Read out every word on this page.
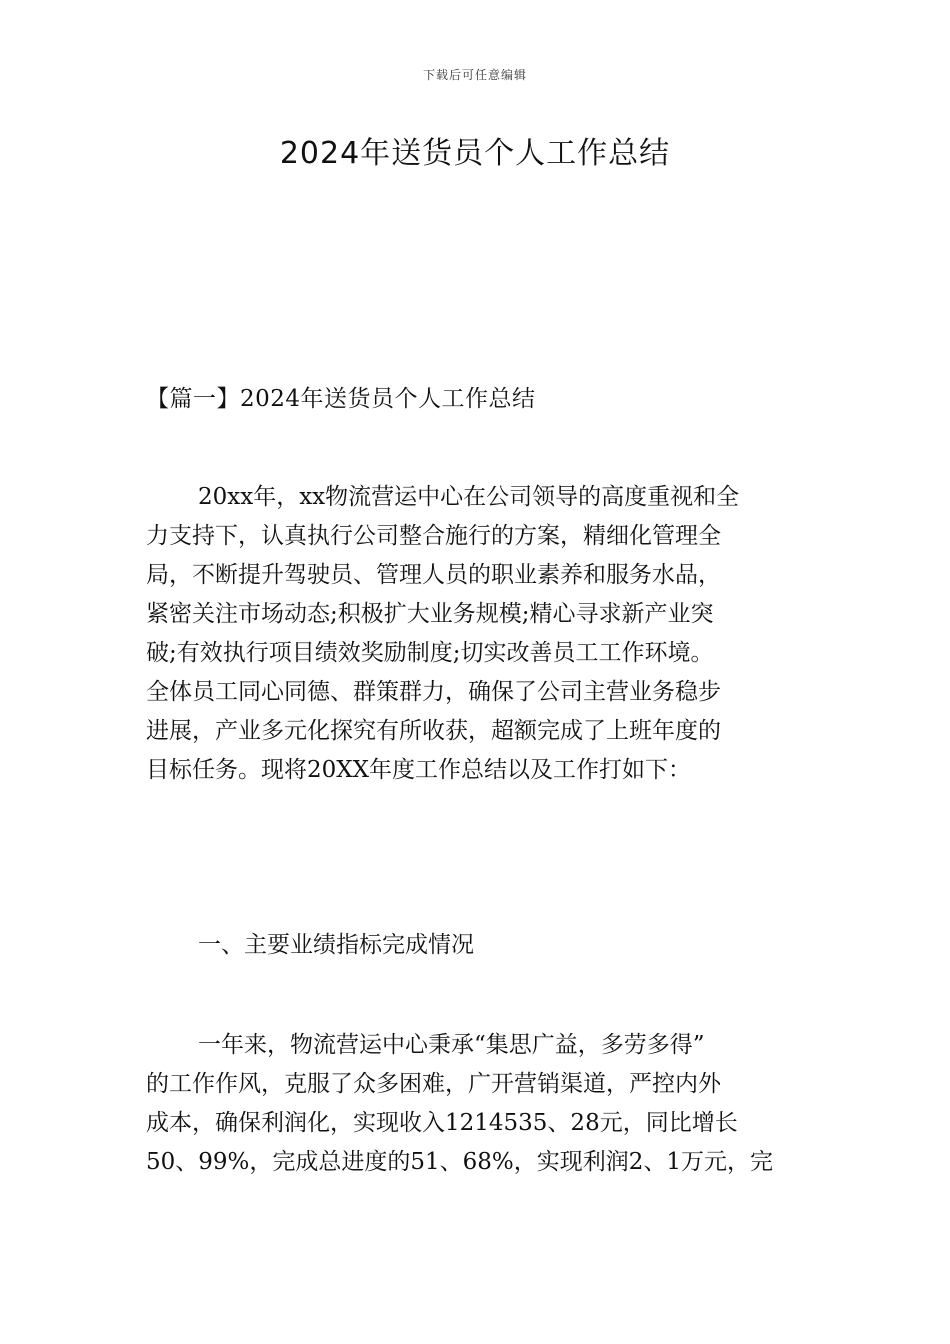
下载后可任意编辑
2024年送货员个人工作总结
【篇一】2024年送货员个人工作总结
20xx年，xx物流营运中心在公司领导的高度重视和全
力支持下，认真执行公司整合施行的方案，精细化管理全
局，不断提升驾驶员、管理人员的职业素养和服务水品，
紧密关注市场动态;积极扩大业务规模;精心寻求新产业突
破;有效执行项目绩效奖励制度;切实改善员工工作环境。
全体员工同心同德、群策群力，确保了公司主营业务稳步
进展，产业多元化探究有所收获，超额完成了上班年度的
目标任务。现将20XX年度工作总结以及工作打如下：
一、主要业绩指标完成情况
一年来，物流营运中心秉承“集思广益，多劳多得”
的工作作风，克服了众多困难，广开营销渠道，严控内外
成本，确保利润化，实现收入1214535、28元，同比增长
50、99%，完成总进度的51、68%，实现利润2、1万元，完
